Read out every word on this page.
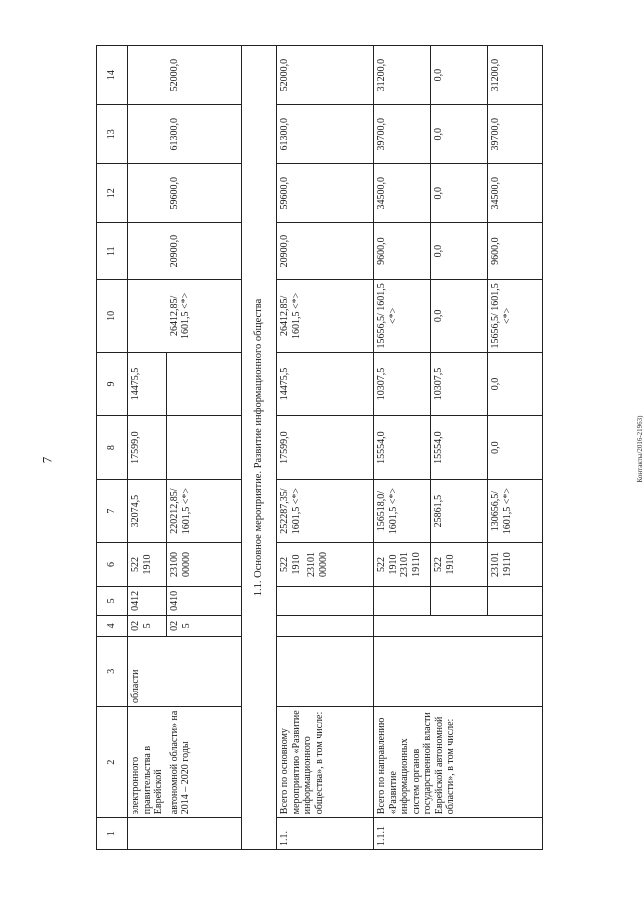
7	Контакты/2016-21963)
1	2	3	4	5	6	7	8	9	10	11	12	13	14
	электронного правительства в Еврейской	области	025	0412	522 1910	32074,5	17599,0	14475,5					
	автономной области» на 2014 – 2020 годы		025	0410	23100 00000	220212,85/ 1601,5 <*>			26412,85/ 1601,5 <*>	20900,0	59600,0	61300,0	52000,0
1.1. Основное мероприятие. Развитие информационного общества													
1.1.	Всего по основному мероприятию «Развитие информационного общества», в том числе:				522 1910 23101 00000	252287,35/ 1601,5 <*>	17599,0	14475,5	26412,85/ 1601,5 <*>	20900,0	59600,0	61300,0	52000,0
1.1.1	Всего по направлению «Развитие информационных систем органов государственной власти Еврейской автономной области», в том числе:				522 1910 23101 19110	156518,0/ 1601,5 <*>	15554,0	10307,5	15656,5/ 1601,5 <*>	9600,0	34500,0	39700,0	31200,0
					522 1910	25861,5	15554,0	10307,5	0,0	0,0	0,0	0,0	0,0
					23101 19110	130656,5/ 1601,5 <*>	0,0	0,0	15656,5/ 1601,5 <*>	9600,0	34500,0	39700,0	31200,0
